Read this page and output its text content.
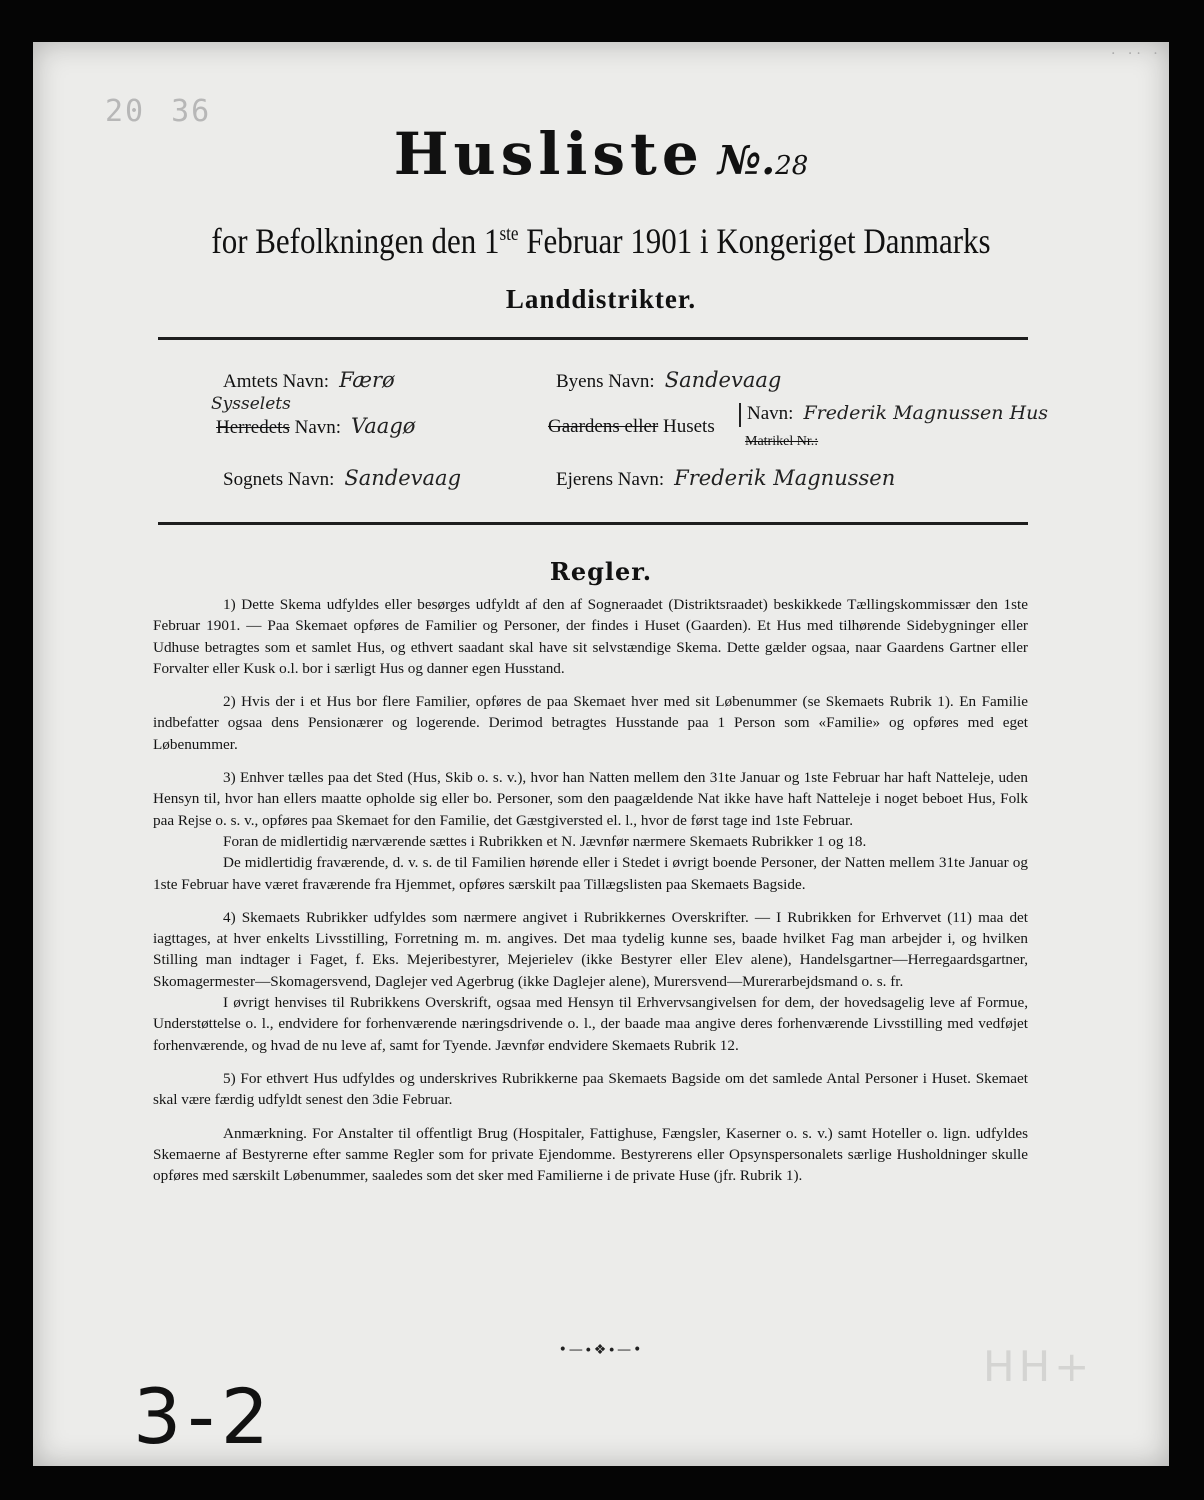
. .. .
20 36
Husliste №.28
for Befolkningen den 1ste Februar 1901 i Kongeriget Danmarks
Landdistrikter.
Amtets Navn: Færø
Sysselets
Herredets Navn: Vaagø
Sognets Navn: Sandevaag
Byens Navn: Sandevaag
Gaardens eller Husets
Navn: Frederik Magnussen Hus
Matrikel Nr.:
Ejerens Navn: Frederik Magnussen
Regler.

1) Dette Skema udfyldes eller besørges udfyldt af den af Sogneraadet (Distriktsraadet) beskikkede Tællingskommissær den 1ste Februar 1901. — Paa Skemaet opføres de Familier og Personer, der findes i Huset (Gaarden). Et Hus med tilhørende Sidebygninger eller Udhuse betragtes som et samlet Hus, og ethvert saadant skal have sit selvstændige Skema. Dette gælder ogsaa, naar Gaardens Gartner eller Forvalter eller Kusk o.l. bor i særligt Hus og danner egen Husstand.

2) Hvis der i et Hus bor flere Familier, opføres de paa Skemaet hver med sit Løbenummer (se Skemaets Rubrik 1). En Familie indbefatter ogsaa dens Pensionærer og logerende. Derimod betragtes Husstande paa 1 Person som «Familie» og opføres med eget Løbenummer.

3) Enhver tælles paa det Sted (Hus, Skib o. s. v.), hvor han Natten mellem den 31te Januar og 1ste Februar har haft Natteleje, uden Hensyn til, hvor han ellers maatte opholde sig eller bo. Personer, som den paagældende Nat ikke have haft Natteleje i noget beboet Hus, Folk paa Rejse o. s. v., opføres paa Skemaet for den Familie, det Gæstgiversted el. l., hvor de først tage ind 1ste Februar.

Foran de midlertidig nærværende sættes i Rubrikken et N. Jævnfør nærmere Skemaets Rubrikker 1 og 18.

De midlertidig fraværende, d. v. s. de til Familien hørende eller i Stedet i øvrigt boende Personer, der Natten mellem 31te Januar og 1ste Februar have været fraværende fra Hjemmet, opføres særskilt paa Tillægslisten paa Skemaets Bagside.

4) Skemaets Rubrikker udfyldes som nærmere angivet i Rubrikkernes Overskrifter. — I Rubrikken for Erhvervet (11) maa det iagttages, at hver enkelts Livsstilling, Forretning m. m. angives. Det maa tydelig kunne ses, baade hvilket Fag man arbejder i, og hvilken Stilling man indtager i Faget, f. Eks. Mejeribestyrer, Mejerielev (ikke Bestyrer eller Elev alene), Handelsgartner—Herregaardsgartner, Skomagermester—Skomagersvend, Daglejer ved Agerbrug (ikke Daglejer alene), Murersvend—Murerarbejdsmand o. s. fr.

I øvrigt henvises til Rubrikkens Overskrift, ogsaa med Hensyn til Erhvervsangivelsen for dem, der hovedsagelig leve af Formue, Understøttelse o. l., endvidere for forhenværende næringsdrivende o. l., der baade maa angive deres forhenværende Livsstilling med vedføjet forhenværende, og hvad de nu leve af, samt for Tyende. Jævnfør endvidere Skemaets Rubrik 12.

5) For ethvert Hus udfyldes og underskrives Rubrikkerne paa Skemaets Bagside om det samlede Antal Personer i Huset. Skemaet skal være færdig udfyldt senest den 3die Februar.

Anmærkning. For Anstalter til offentligt Brug (Hospitaler, Fattighuse, Fængsler, Kaserner o. s. v.) samt Hoteller o. lign. udfyldes Skemaerne af Bestyrerne efter samme Regler som for private Ejendomme. Bestyrerens eller Opsynspersonalets særlige Husholdninger skulle opføres med særskilt Løbenummer, saaledes som det sker med Familierne i de private Huse (jfr. Rubrik 1).

•—∙❖∙—•
3-2
HH+
